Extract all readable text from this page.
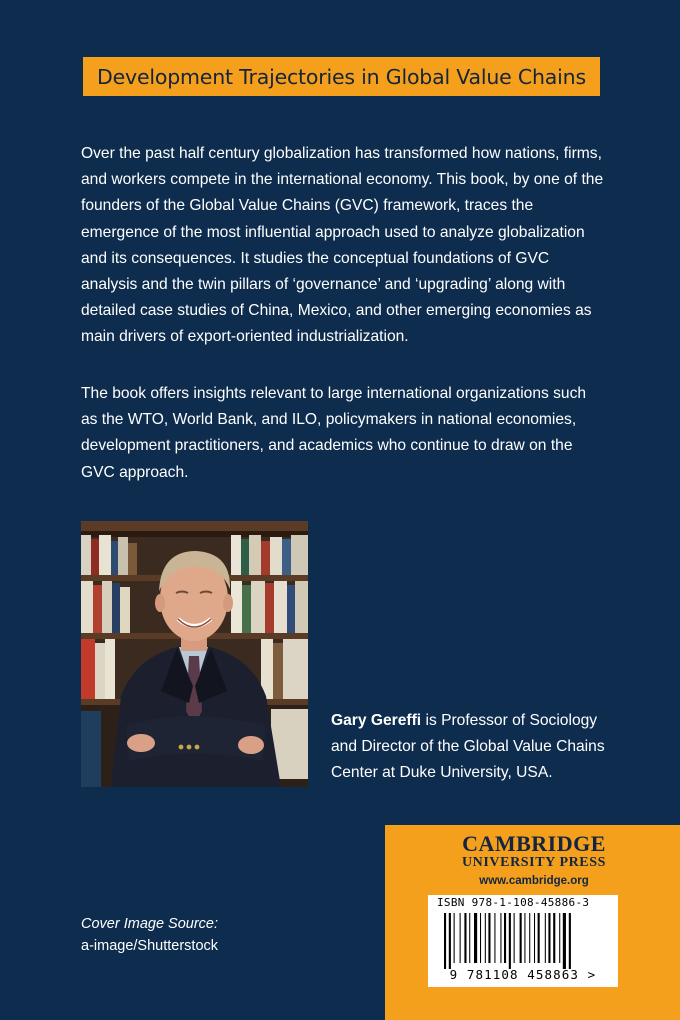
Development Trajectories in Global Value Chains

Over the past half century globalization has transformed how nations, firms, and workers compete in the international economy. This book, by one of the founders of the Global Value Chains (GVC) framework, traces the emergence of the most influential approach used to analyze globalization and its consequences. It studies the conceptual foundations of GVC analysis and the twin pillars of ‘governance’ and ‘upgrading’ along with detailed case studies of China, Mexico, and other emerging economies as main drivers of export-oriented industrialization.

The book offers insights relevant to large international organizations such as the WTO, World Bank, and ILO, policymakers in national economies, development practitioners, and academics who continue to draw on the GVC approach.

Gary Gereffi is Professor of Sociology and Director of the Global Value Chains Center at Duke University, USA.

Cover Image Source:
a-image/Shutterstock
CAMBRIDGE
UNIVERSITY PRESS
www.cambridge.org
ISBN 978-1-108-45886-3
9 781108 458863 >
